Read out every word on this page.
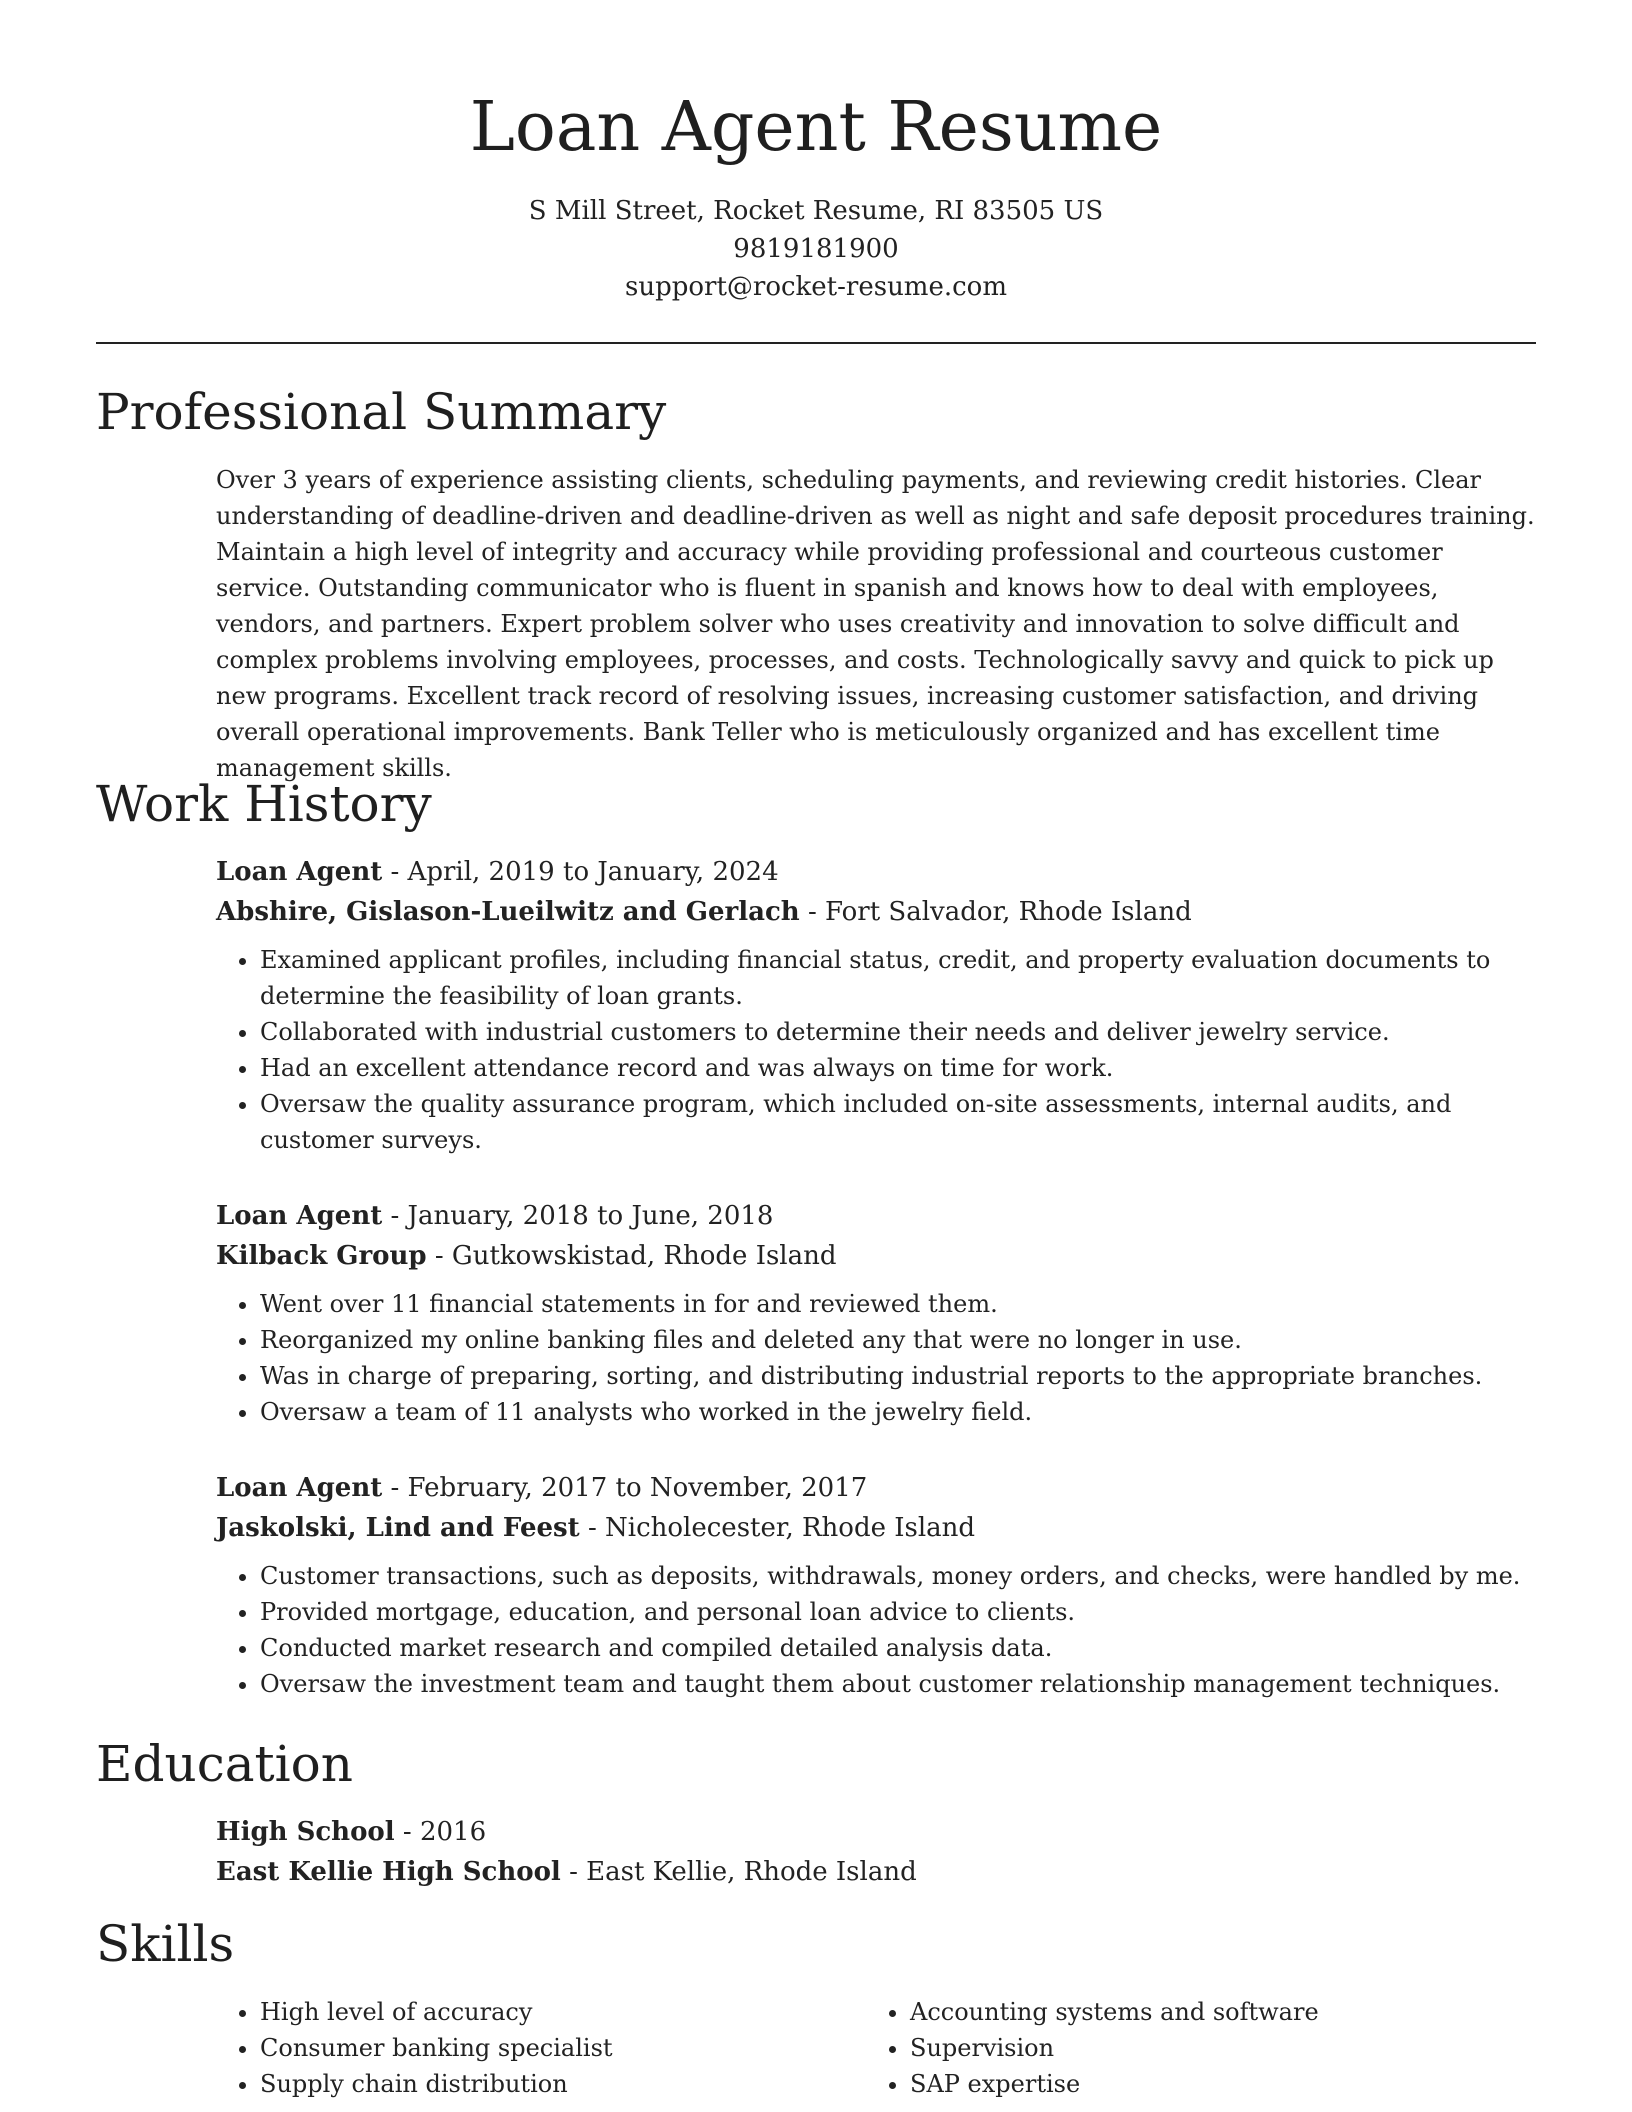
Loan Agent Resume
S Mill Street, Rocket Resume, RI 83505 US
9819181900
support@rocket-resume.com
Professional Summary
Over 3 years of experience assisting clients, scheduling payments, and reviewing credit histories. Clear understanding of deadline-driven and deadline-driven as well as night and safe deposit procedures training. Maintain a high level of integrity and accuracy while providing professional and courteous customer service. Outstanding communicator who is fluent in spanish and knows how to deal with employees, vendors, and partners. Expert problem solver who uses creativity and innovation to solve difficult and complex problems involving employees, processes, and costs. Technologically savvy and quick to pick up new programs. Excellent track record of resolving issues, increasing customer satisfaction, and driving overall operational improvements. Bank Teller who is meticulously organized and has excellent time management skills.
Work History
Loan Agent - April, 2019 to January, 2024
Abshire, Gislason-Lueilwitz and Gerlach - Fort Salvador, Rhode Island
• Examined applicant profiles, including financial status, credit, and property evaluation documents to determine the feasibility of loan grants.
• Collaborated with industrial customers to determine their needs and deliver jewelry service.
• Had an excellent attendance record and was always on time for work.
• Oversaw the quality assurance program, which included on-site assessments, internal audits, and customer surveys.
Loan Agent - January, 2018 to June, 2018
Kilback Group - Gutkowskistad, Rhode Island
• Went over 11 financial statements in for and reviewed them.
• Reorganized my online banking files and deleted any that were no longer in use.
• Was in charge of preparing, sorting, and distributing industrial reports to the appropriate branches.
• Oversaw a team of 11 analysts who worked in the jewelry field.
Loan Agent - February, 2017 to November, 2017
Jaskolski, Lind and Feest - Nicholecester, Rhode Island
• Customer transactions, such as deposits, withdrawals, money orders, and checks, were handled by me.
• Provided mortgage, education, and personal loan advice to clients.
• Conducted market research and compiled detailed analysis data.
• Oversaw the investment team and taught them about customer relationship management techniques.
Education
High School - 2016
East Kellie High School - East Kellie, Rhode Island
Skills
• High level of accuracy
• Consumer banking specialist
• Supply chain distribution
• Accounting systems and software
• Supervision
• SAP expertise
